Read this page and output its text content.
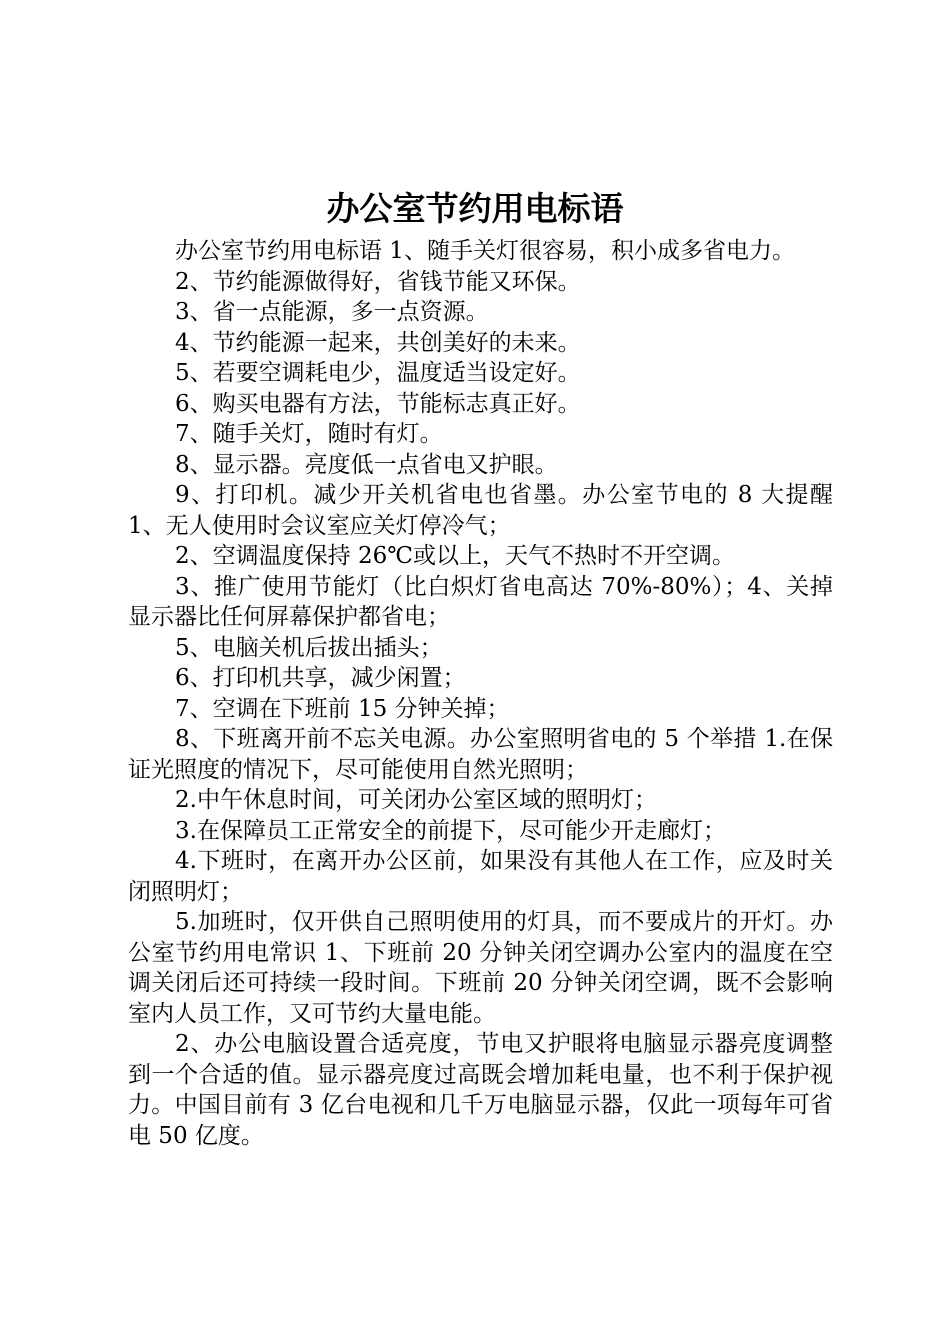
办公室节约用电标语

办公室节约用电标语 1、随手关灯很容易，积小成多省电力。

2、节约能源做得好，省钱节能又环保。

3、省一点能源，多一点资源。

4、节约能源一起来，共创美好的未来。

5、若要空调耗电少，温度适当设定好。

6、购买电器有方法，节能标志真正好。

7、随手关灯，随时有灯。

8、显示器。亮度低一点省电又护眼。

9、打印机。减少开关机省电也省墨。办公室节电的 8 大提醒 1、无人使用时会议室应关灯停冷气；

2、空调温度保持 26℃或以上，天气不热时不开空调。

3、推广使用节能灯（比白炽灯省电高达 70%-80%）；4、关掉显示器比任何屏幕保护都省电；

5、电脑关机后拔出插头；

6、打印机共享，减少闲置；

7、空调在下班前 15 分钟关掉；

8、下班离开前不忘关电源。办公室照明省电的 5 个举措 1.在保证光照度的情况下，尽可能使用自然光照明；

2.中午休息时间，可关闭办公室区域的照明灯；

3.在保障员工正常安全的前提下，尽可能少开走廊灯；

4.下班时，在离开办公区前，如果没有其他人在工作，应及时关闭照明灯；

5.加班时，仅开供自己照明使用的灯具，而不要成片的开灯。办公室节约用电常识 1、下班前 20 分钟关闭空调办公室内的温度在空调关闭后还可持续一段时间。下班前 20 分钟关闭空调，既不会影响室内人员工作，又可节约大量电能。

2、办公电脑设置合适亮度，节电又护眼将电脑显示器亮度调整到一个合适的值。显示器亮度过高既会增加耗电量，也不利于保护视力。中国目前有 3 亿台电视和几千万电脑显示器，仅此一项每年可省电 50 亿度。
